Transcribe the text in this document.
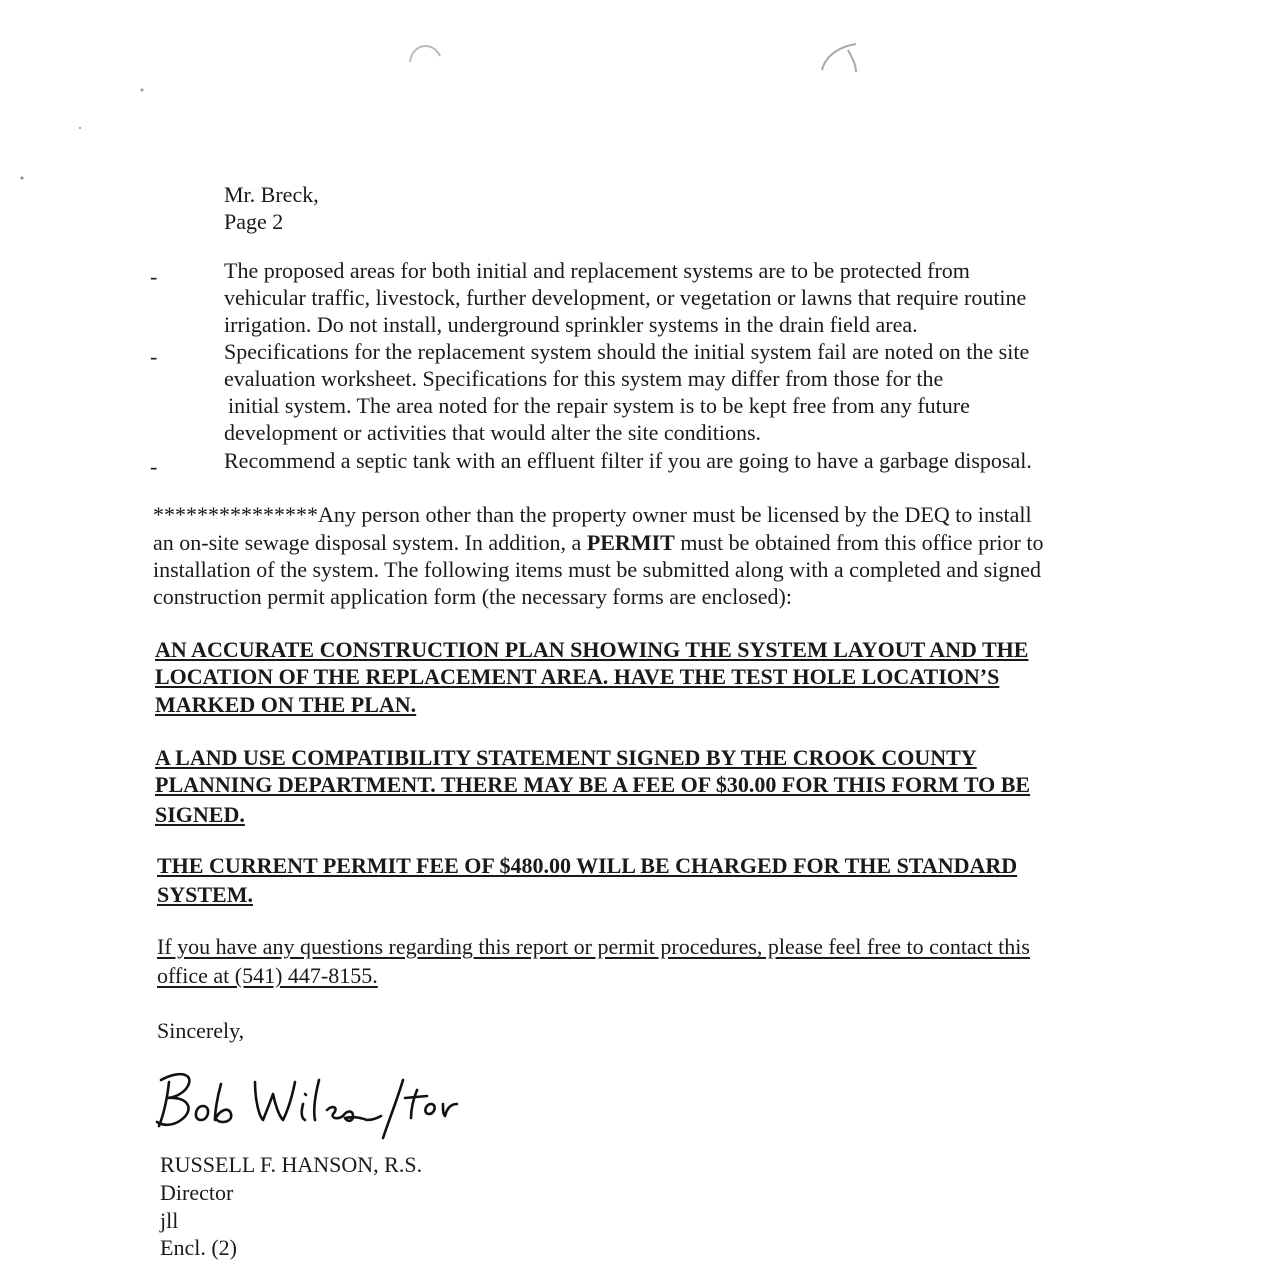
Mr. Breck,
Page 2
-	The proposed areas for both initial and replacement systems are to be protected from
vehicular traffic, livestock, further development, or vegetation or lawns that require routine
irrigation. Do not install, underground sprinkler systems in the drain field area.
-	Specifications for the replacement system should the initial system fail are noted on the site
evaluation worksheet. Specifications for this system may differ from those for the
initial system. The area noted for the repair system is to be kept free from any future
development or activities that would alter the site conditions.
-	Recommend a septic tank with an effluent filter if you are going to have a garbage disposal.
***************Any person other than the property owner must be licensed by the DEQ to install
an on-site sewage disposal system. In addition, a PERMIT must be obtained from this office prior to
installation of the system. The following items must be submitted along with a completed and signed
construction permit application form (the necessary forms are enclosed):
AN ACCURATE CONSTRUCTION PLAN SHOWING THE SYSTEM LAYOUT AND THE
LOCATION OF THE REPLACEMENT AREA. HAVE THE TEST HOLE LOCATION’S
MARKED ON THE PLAN.
A LAND USE COMPATIBILITY STATEMENT SIGNED BY THE CROOK COUNTY
PLANNING DEPARTMENT. THERE MAY BE A FEE OF $30.00 FOR THIS FORM TO BE
SIGNED.
THE CURRENT PERMIT FEE OF $480.00 WILL BE CHARGED FOR THE STANDARD
SYSTEM.
If you have any questions regarding this report or permit procedures, please feel free to contact this
office at (541) 447-8155.
Sincerely,
RUSSELL F. HANSON, R.S.
Director
jll
Encl. (2)
